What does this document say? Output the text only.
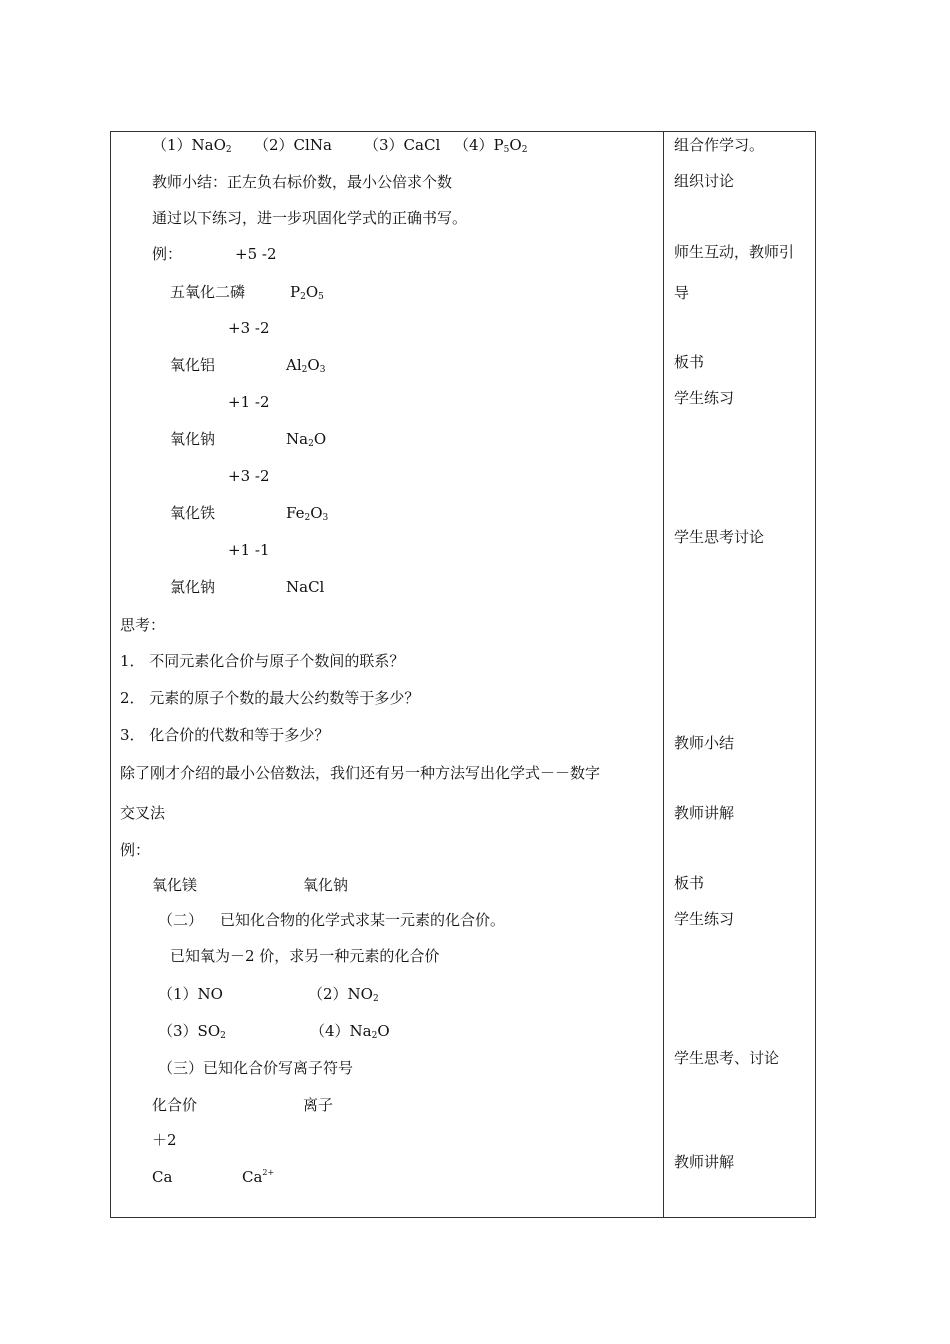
（1）NaO$_2$ （2）ClNa （3）CaCl $(4)P_5O_2$
教师小结：正左负右标价数，最小公倍求个数
通过以下练习，进一步巩固化学式的正确书写。
例：	+5 -2
五氧化二磷	$P_2O_5$
+3 -2
氧化铝	$Al_2O_3$
+1 -2
氧化钠	$Na_2O$
+3 -2
氧化铁	$Fe_2O_3$
+1 -1
氯化钠	NaCl
思考：
1． 不同元素化合价与原子个数间的联系？
2． 元素的原子个数的最大公约数等于多少？
3． 化合价的代数和等于多少？
除了刚才介绍的最小公倍数法，我们还有另一种方法写出化学式－－数字
交叉法
例：
氧化镁	氧化钠
（二） 已知化合物的化学式求某一元素的化合价。
已知氧为－2 价，求另一种元素的化合价
（1）NO	$(2)NO_2$
$(3)SO_2$	$(4)Na_2O$
（三）已知化合价写离子符号
化合价	离子
＋2
Ca	$Ca^{2+}$
组合作学习。
组织讨论
师生互动，教师引
导
板书
学生练习
学生思考讨论
教师小结
教师讲解
板书
学生练习
学生思考、讨论
教师讲解
